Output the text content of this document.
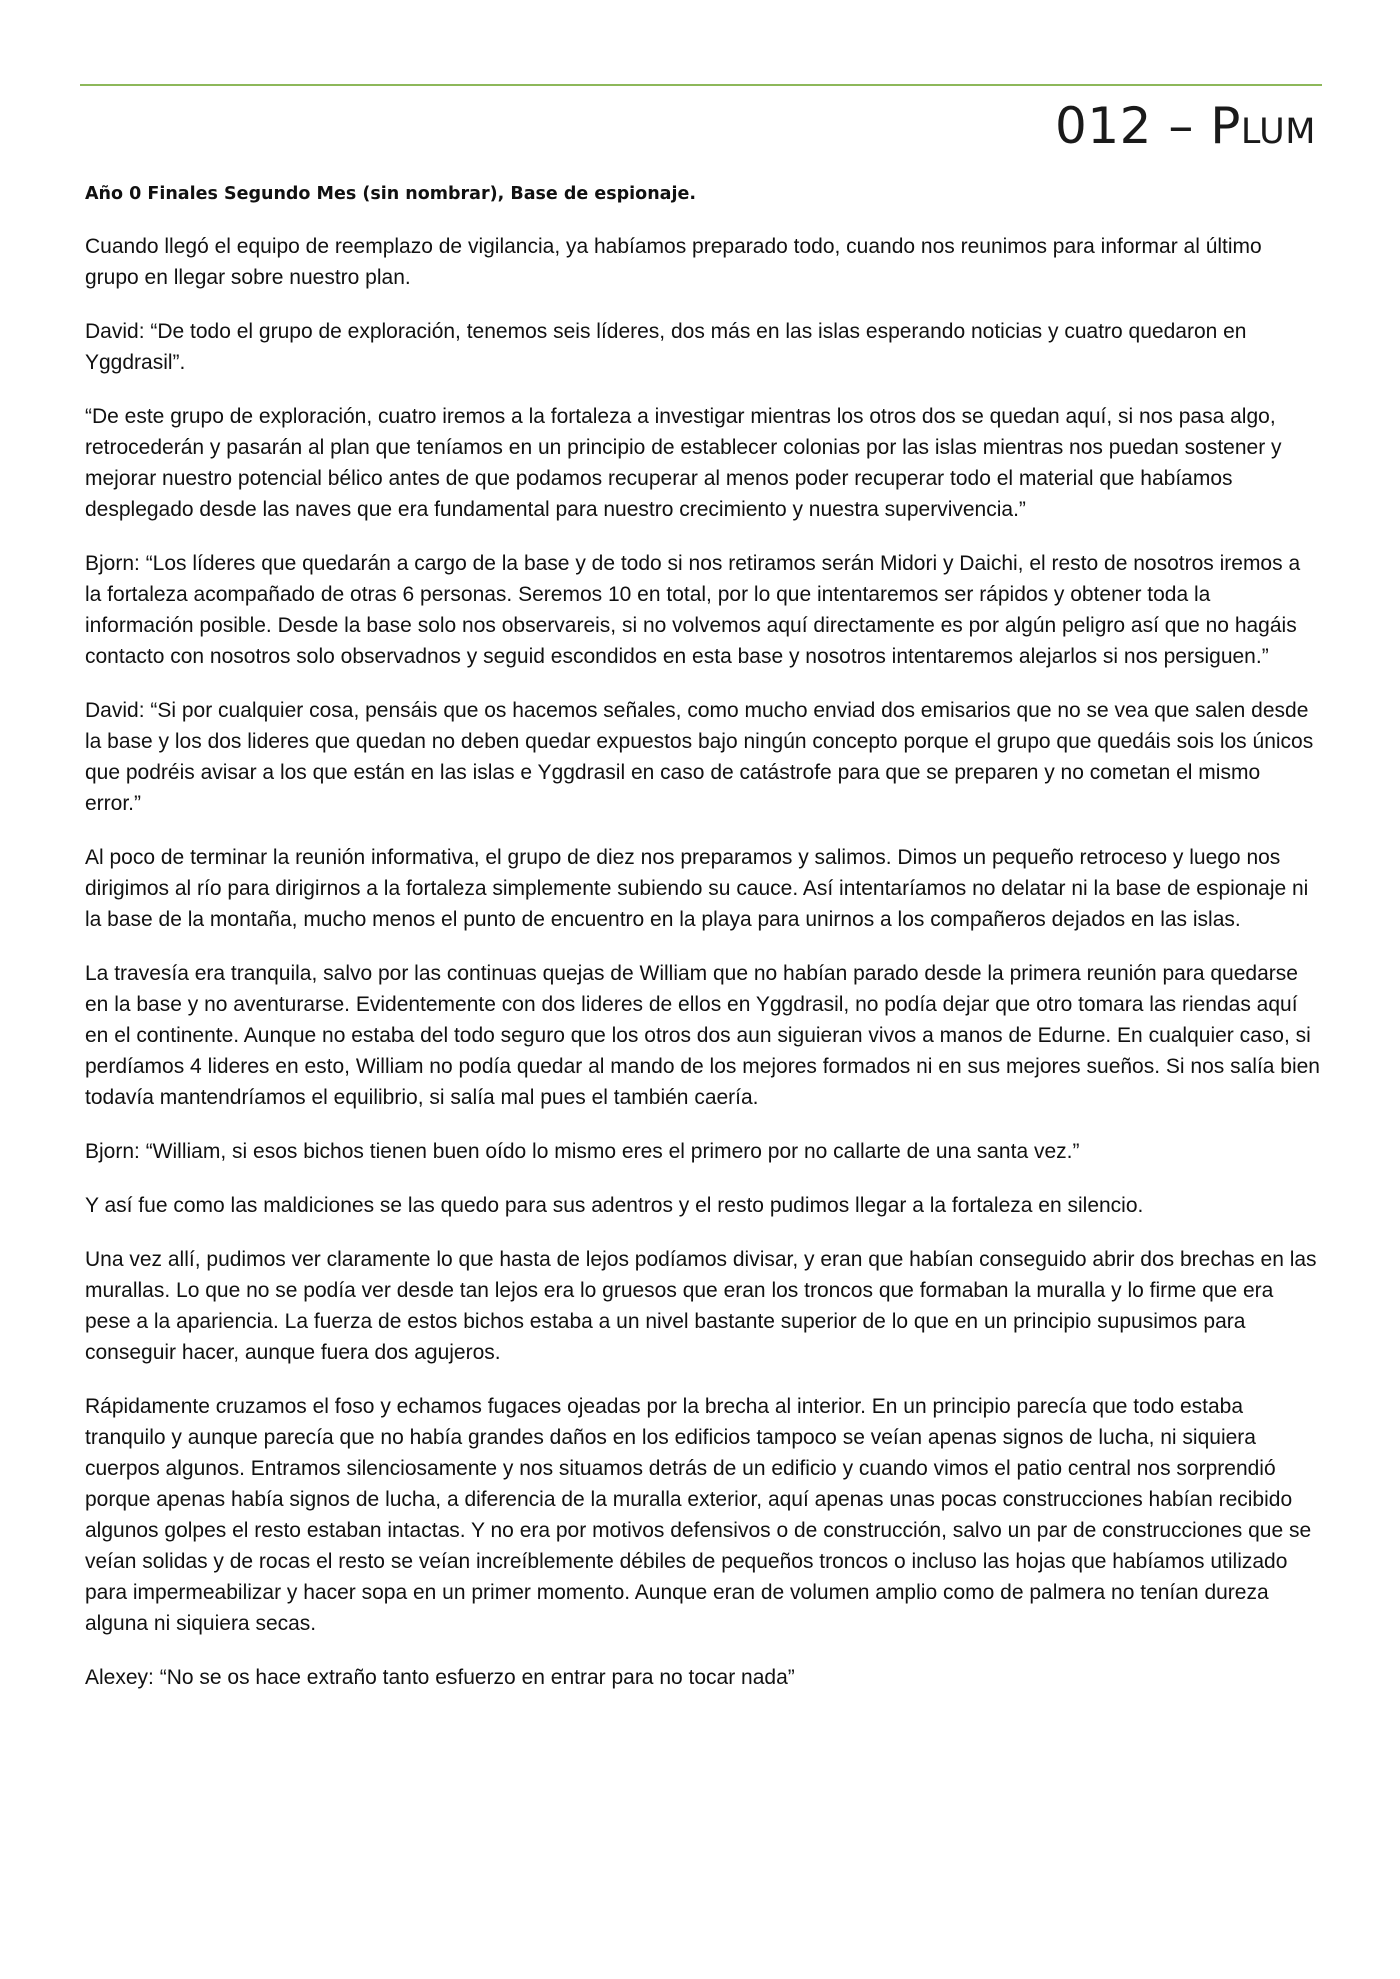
012 – Plum

Año 0 Finales Segundo Mes (sin nombrar), Base de espionaje.

Cuando llegó el equipo de reemplazo de vigilancia, ya habíamos preparado todo, cuando nos reunimos para informar al último grupo en llegar sobre nuestro plan.

David: “De todo el grupo de exploración, tenemos seis líderes, dos más en las islas esperando noticias y cuatro quedaron en Yggdrasil”.

“De este grupo de exploración, cuatro iremos a la fortaleza a investigar mientras los otros dos se quedan aquí, si nos pasa algo, retrocederán y pasarán al plan que teníamos en un principio de establecer colonias por las islas mientras nos puedan sostener y mejorar nuestro potencial bélico antes de que podamos recuperar al menos poder recuperar todo el material que habíamos desplegado desde las naves que era fundamental para nuestro crecimiento y nuestra supervivencia.”

Bjorn: “Los líderes que quedarán a cargo de la base y de todo si nos retiramos serán Midori y Daichi, el resto de nosotros iremos a la fortaleza acompañado de otras 6 personas. Seremos 10 en total, por lo que intentaremos ser rápidos y obtener toda la información posible. Desde la base solo nos observareis, si no volvemos aquí directamente es por algún peligro así que no hagáis contacto con nosotros solo observadnos y seguid escondidos en esta base y nosotros intentaremos alejarlos si nos persiguen.”

David: “Si por cualquier cosa, pensáis que os hacemos señales, como mucho enviad dos emisarios que no se vea que salen desde la base y los dos lideres que quedan no deben quedar expuestos bajo ningún concepto porque el grupo que quedáis sois los únicos que podréis avisar a los que están en las islas e Yggdrasil en caso de catástrofe para que se preparen y no cometan el mismo error.”

Al poco de terminar la reunión informativa, el grupo de diez nos preparamos y salimos. Dimos un pequeño retroceso y luego nos dirigimos al río para dirigirnos a la fortaleza simplemente subiendo su cauce. Así intentaríamos no delatar ni la base de espionaje ni la base de la montaña, mucho menos el punto de encuentro en la playa para unirnos a los compañeros dejados en las islas.

La travesía era tranquila, salvo por las continuas quejas de William que no habían parado desde la primera reunión para quedarse en la base y no aventurarse. Evidentemente con dos lideres de ellos en Yggdrasil, no podía dejar que otro tomara las riendas aquí en el continente. Aunque no estaba del todo seguro que los otros dos aun siguieran vivos a manos de Edurne. En cualquier caso, si perdíamos 4 lideres en esto, William no podía quedar al mando de los mejores formados ni en sus mejores sueños. Si nos salía bien todavía mantendríamos el equilibrio, si salía mal pues el también caería.

Bjorn: “William, si esos bichos tienen buen oído lo mismo eres el primero por no callarte de una santa vez.”

Y así fue como las maldiciones se las quedo para sus adentros y el resto pudimos llegar a la fortaleza en silencio.

Una vez allí, pudimos ver claramente lo que hasta de lejos podíamos divisar, y eran que habían conseguido abrir dos brechas en las murallas. Lo que no se podía ver desde tan lejos era lo gruesos que eran los troncos que formaban la muralla y lo firme que era pese a la apariencia. La fuerza de estos bichos estaba a un nivel bastante superior de lo que en un principio supusimos para conseguir hacer, aunque fuera dos agujeros.

Rápidamente cruzamos el foso y echamos fugaces ojeadas por la brecha al interior. En un principio parecía que todo estaba tranquilo y aunque parecía que no había grandes daños en los edificios tampoco se veían apenas signos de lucha, ni siquiera cuerpos algunos. Entramos silenciosamente y nos situamos detrás de un edificio y cuando vimos el patio central nos sorprendió porque apenas había signos de lucha, a diferencia de la muralla exterior, aquí apenas unas pocas construcciones habían recibido algunos golpes el resto estaban intactas. Y no era por motivos defensivos o de construcción, salvo un par de construcciones que se veían solidas y de rocas el resto se veían increíblemente débiles de pequeños troncos o incluso las hojas que habíamos utilizado para impermeabilizar y hacer sopa en un primer momento. Aunque eran de volumen amplio como de palmera no tenían dureza alguna ni siquiera secas.

Alexey: “No se os hace extraño tanto esfuerzo en entrar para no tocar nada”
